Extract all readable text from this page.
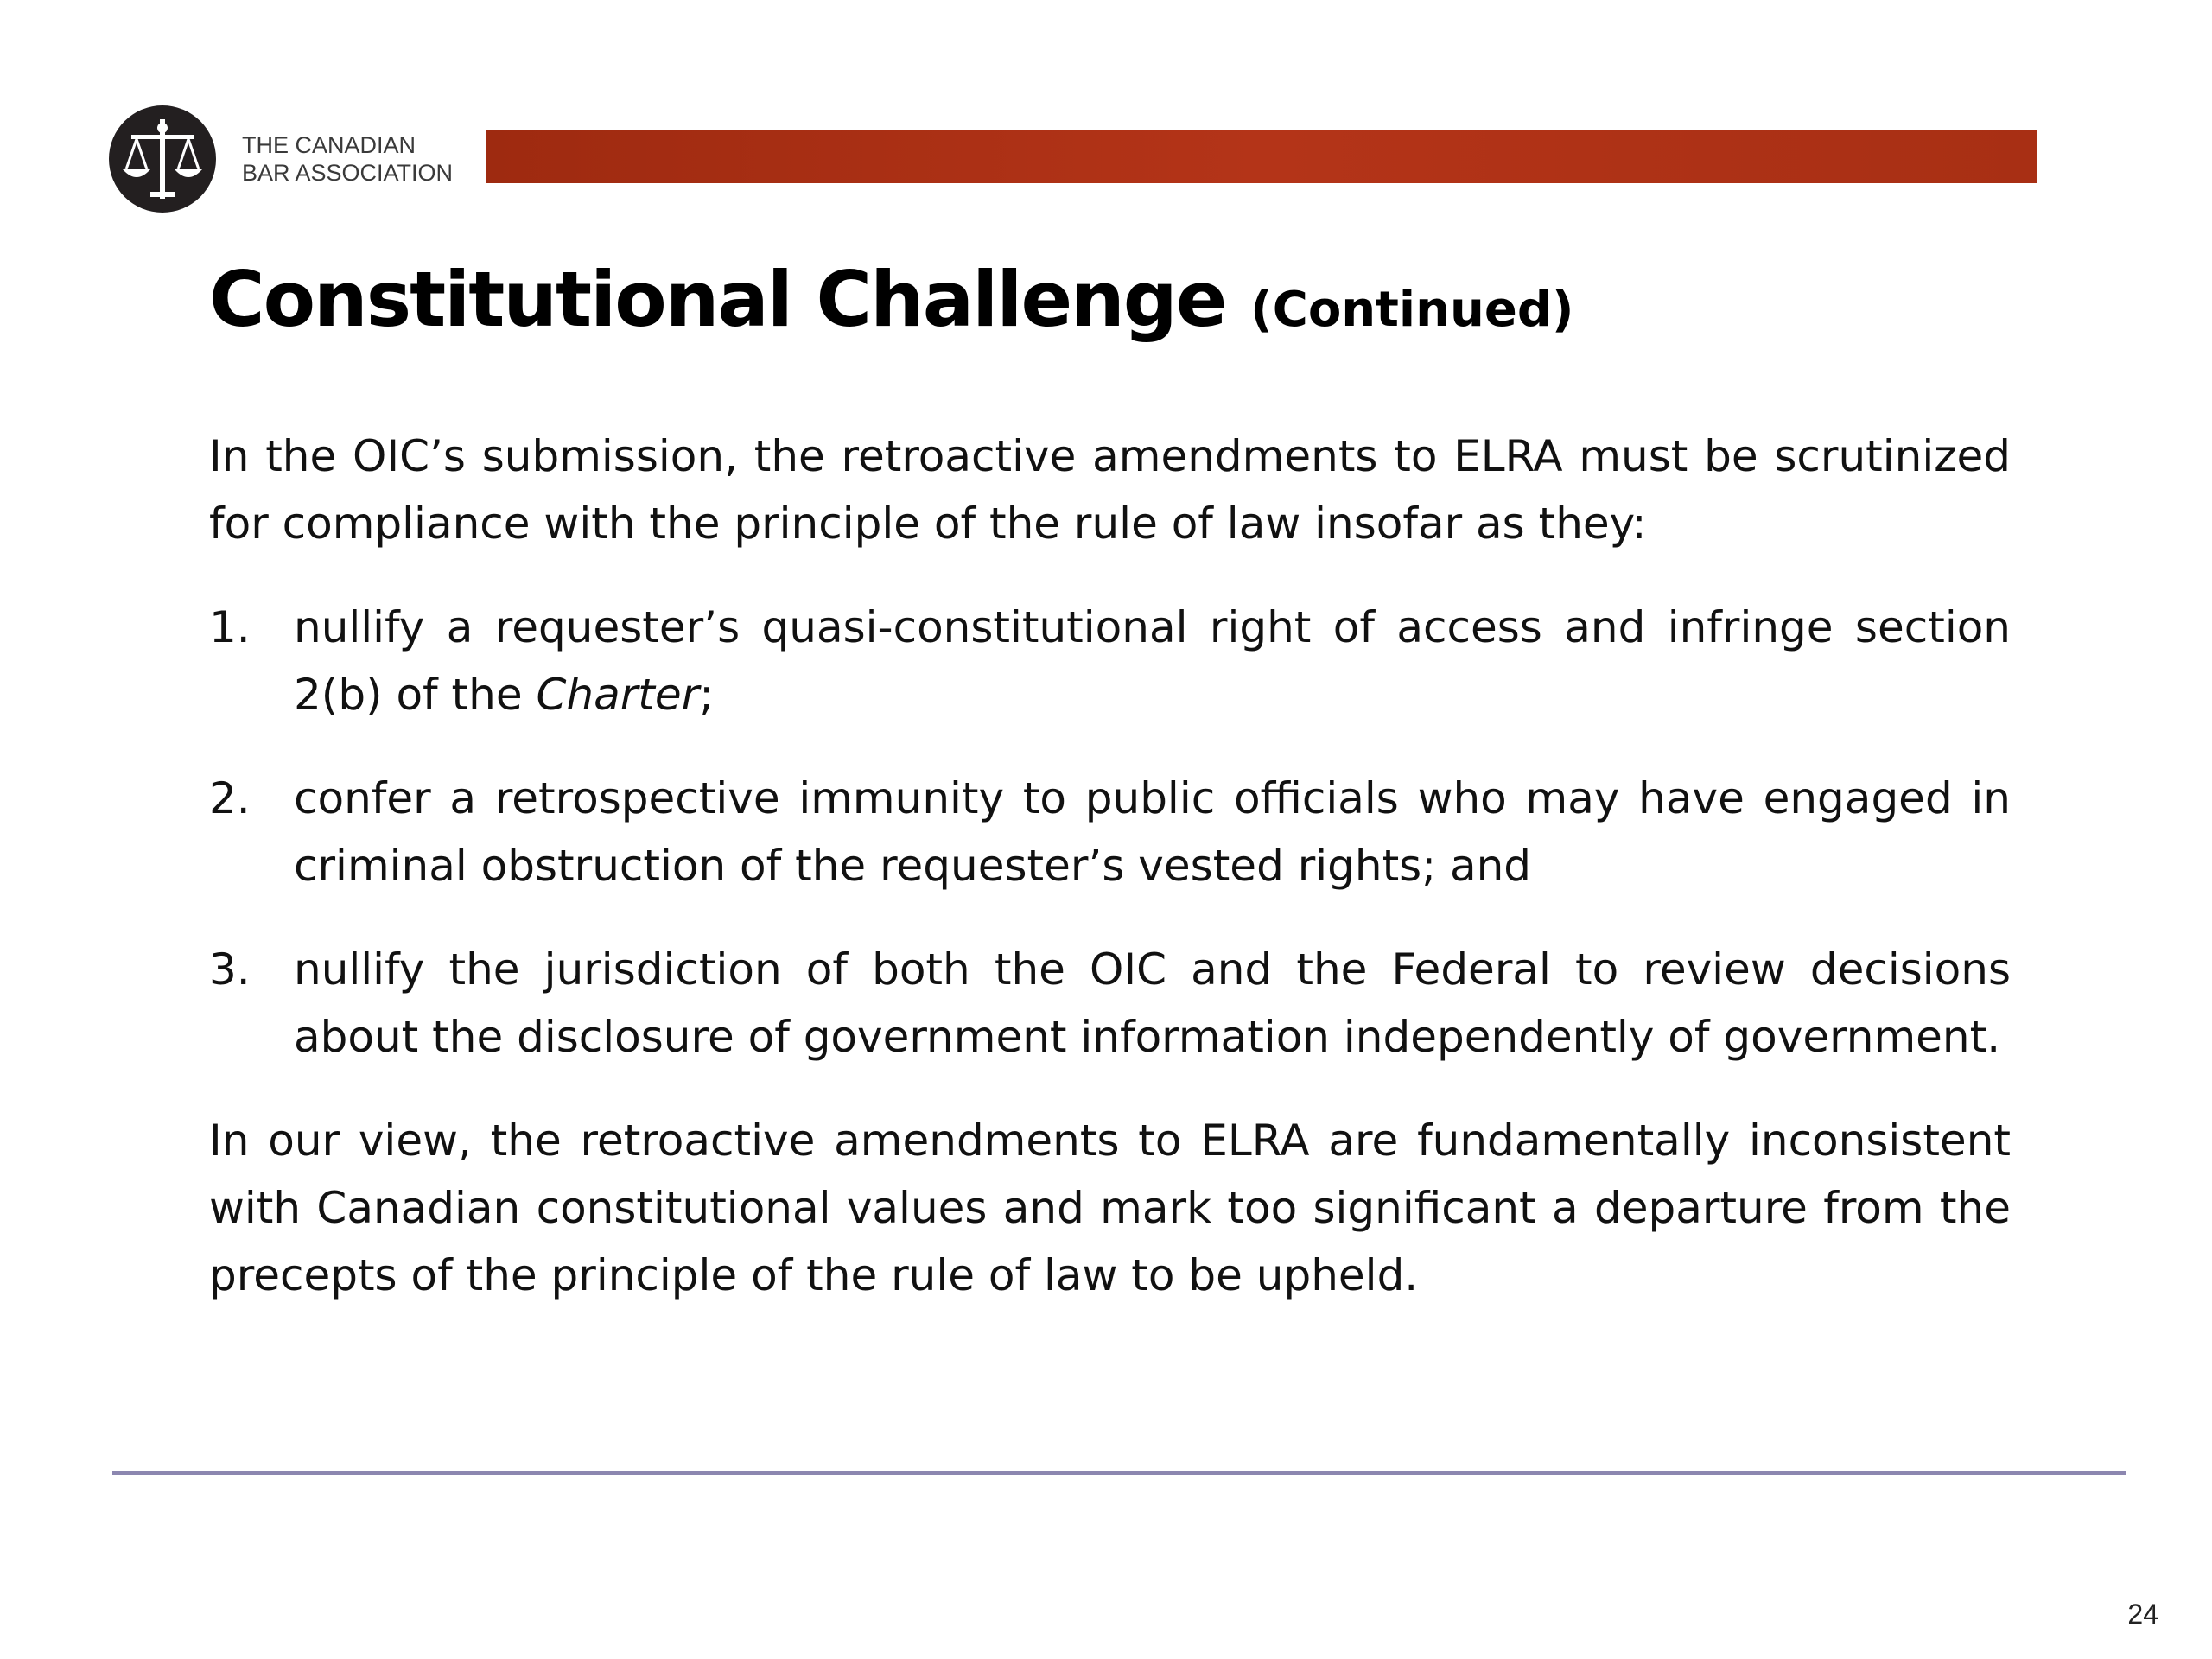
THE CANADIAN
BAR ASSOCIATION
Constitutional Challenge (Continued)

In the OIC’s submission, the retroactive amendments to ELRA must be scrutinized for compliance with the principle of the rule of law insofar as they:

1.	nullify a requester’s quasi-constitutional right of access and infringe section 2(b) of the Charter;
2.	confer a retrospective immunity to public officials who may have engaged in criminal obstruction of the requester’s vested rights; and
3.	nullify the jurisdiction of both the OIC and the Federal to review decisions about the disclosure of government information independently of government.

In our view, the retroactive amendments to ELRA are fundamentally inconsistent with Canadian constitutional values and mark too significant a departure from the precepts of the principle of the rule of law to be upheld.

24
